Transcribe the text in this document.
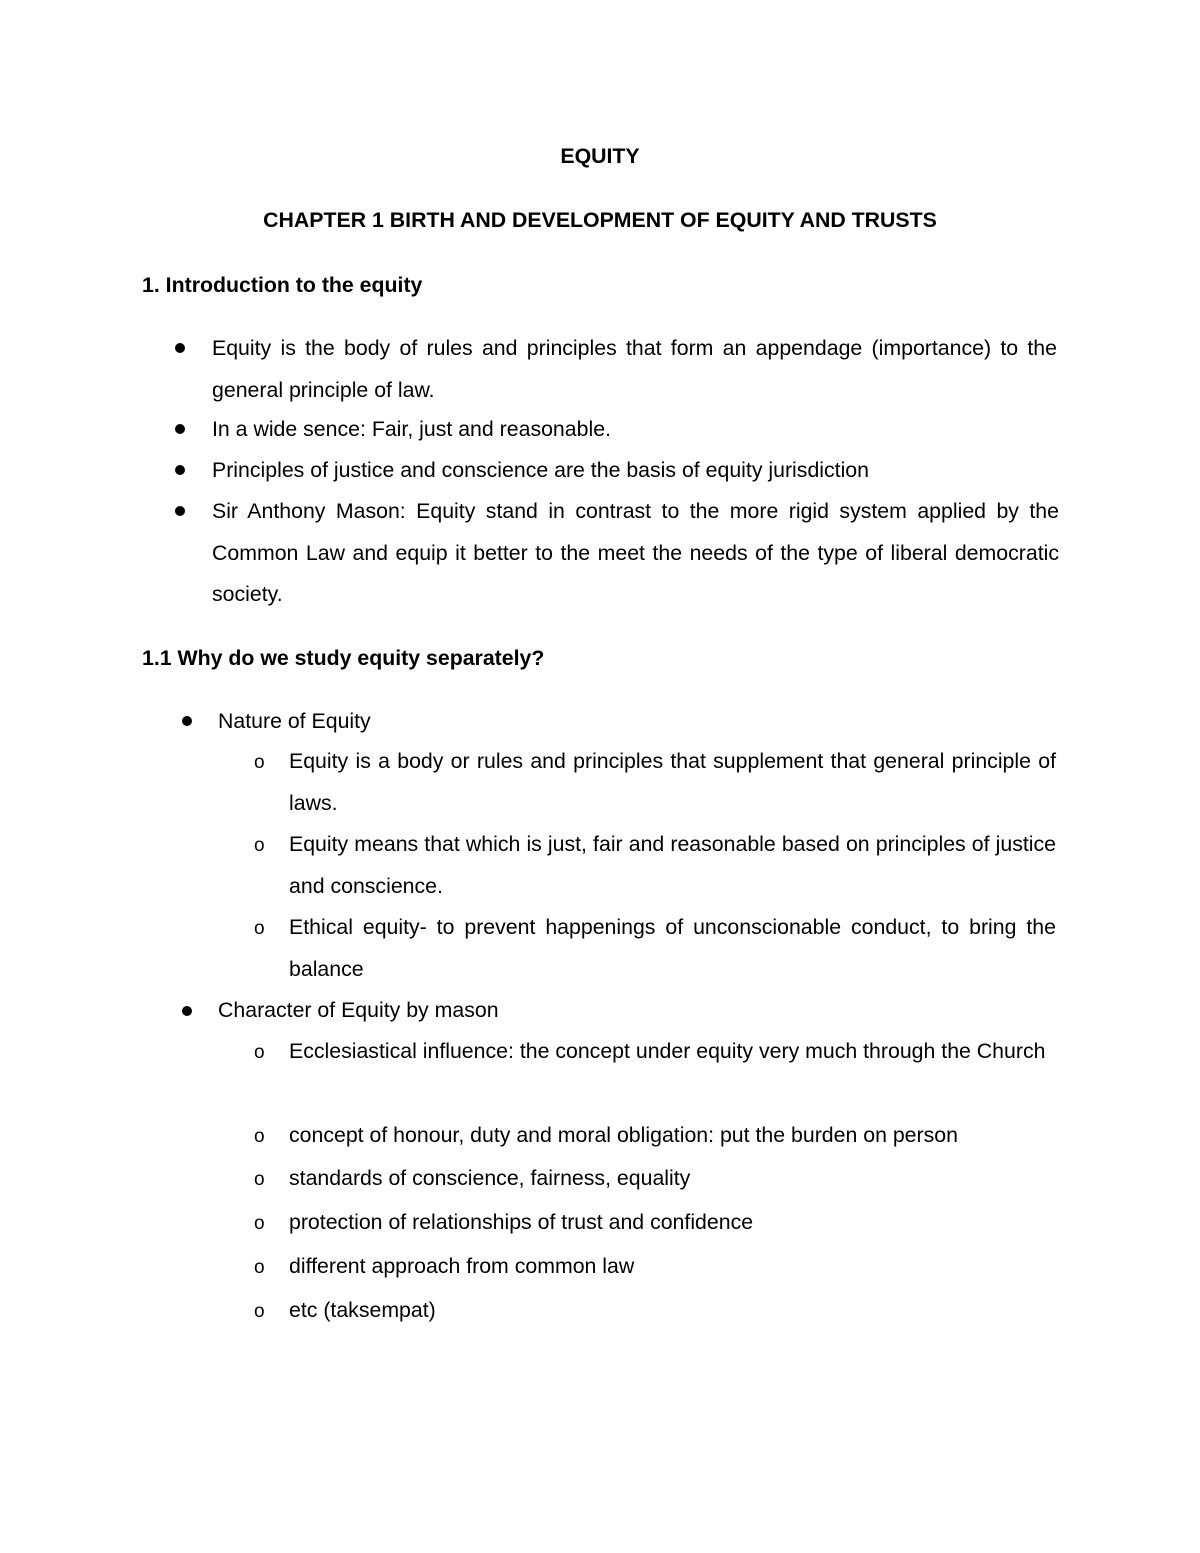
EQUITY
CHAPTER 1 BIRTH AND DEVELOPMENT OF EQUITY AND TRUSTS
1. Introduction to the equity
Equity is the body of rules and principles that form an appendage (importance) to the general principle of law.
In a wide sence: Fair, just and reasonable.
Principles of justice and conscience are the basis of equity jurisdiction
Sir Anthony Mason: Equity stand in contrast to the more rigid system applied by the Common Law and equip it better to the meet the needs of the type of liberal democratic society.
1.1 Why do we study equity separately?
Nature of Equity
o Equity is a body or rules and principles that supplement that general principle of laws.
o Equity means that which is just, fair and reasonable based on principles of justice and conscience.
o Ethical equity- to prevent happenings of unconscionable conduct, to bring the balance
Character of Equity by mason
o Ecclesiastical influence: the concept under equity very much through the Church
o concept of honour, duty and moral obligation: put the burden on person
o standards of conscience, fairness, equality
o protection of relationships of trust and confidence
o different approach from common law
o etc (taksempat)
